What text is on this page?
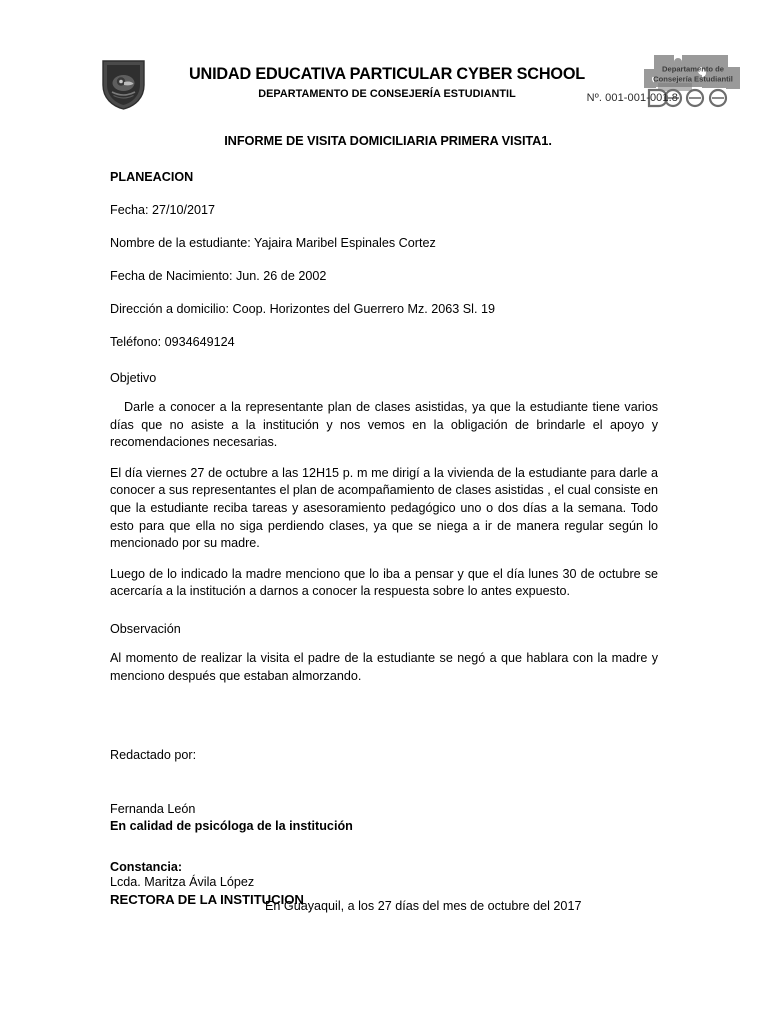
UNIDAD EDUCATIVA PARTICULAR CYBER SCHOOL
DEPARTAMENTO DE CONSEJERÍA ESTUDIANTIL
Departamento de
Consejería Estudiantil
Nº. 001-001-001.8
INFORME DE VISITA DOMICILIARIA PRIMERA VISITA1.
PLANEACION
Fecha: 27/10/2017
Nombre de la estudiante: Yajaira Maribel Espinales Cortez
Fecha de Nacimiento: Jun. 26 de 2002
Dirección a domicilio: Coop. Horizontes del Guerrero Mz. 2063 Sl. 19
Teléfono: 0934649124
Objetivo
Darle a conocer a la representante plan de clases asistidas, ya que la estudiante tiene varios días que no asiste a la institución y nos vemos en la obligación de brindarle el apoyo y recomendaciones necesarias.
El día viernes 27 de octubre a las 12H15 p. m me dirigí a la vivienda de la estudiante para darle a conocer a sus representantes el plan de acompañamiento de clases asistidas , el cual consiste en que la estudiante reciba tareas y asesoramiento pedagógico uno o dos días a la semana. Todo esto para que ella no siga perdiendo clases, ya que se niega a ir de manera regular según lo mencionado por su madre.
Luego de lo indicado la madre menciono que lo iba a pensar y que el día lunes 30 de octubre se acercaría a la institución a darnos a conocer la respuesta sobre lo antes expuesto.
Observación
Al momento de realizar la visita el padre de la estudiante se negó a que hablara con la madre y menciono después que estaban almorzando.
Redactado por:
Fernanda León
En calidad de psicóloga de la institución
Constancia:
En Guayaquil, a los 27 días del mes de octubre del 2017
Lcda. Maritza Ávila López
RECTORA DE LA INSTITUCION
